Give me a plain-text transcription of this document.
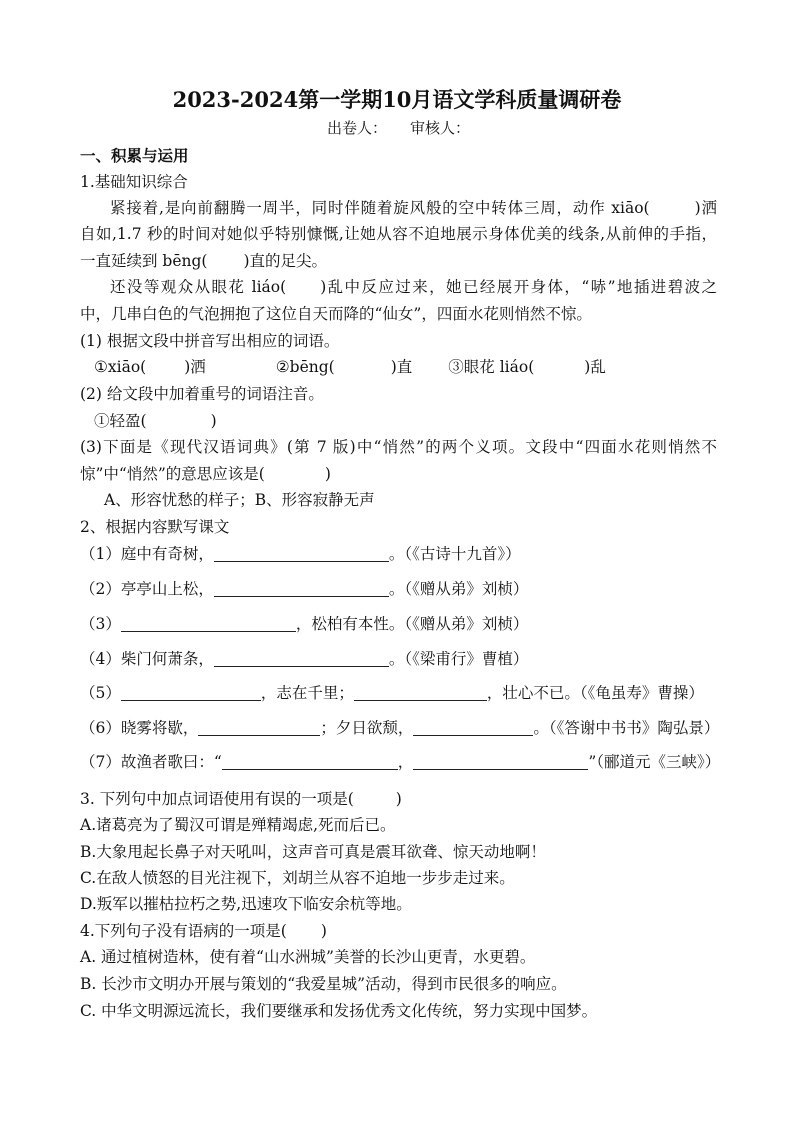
2023-2024第一学期10月语文学科质量调研卷
出卷人： 审核人：
一、积累与运用
1.基础知识综合
紧接着,是向前翻腾一周半，同时伴随着旋风般的空中转体三周，动作 xiāo(	)洒
自如,1.7 秒的时间对她似乎特别慷慨,让她从容不迫地展示身体优美的线条,从前伸的手指，
一直延续到 bēng( )直的足尖。
还没等观众从眼花 liáo( )乱中反应过来，她已经展开身体，“哧”地插进碧波之
中，几串白色的气泡拥抱了这位自天而降的“仙女”，四面水花则悄然不惊。
(1) 根据文段中拼音写出相应的词语。
①xiāo( )洒	②bēng(	)直 ③眼花 liáo(	)乱
(2) 给文段中加着重号的词语注音。
①轻盈(	)
(3)下面是《现代汉语词典》(第 7 版)中“悄然”的两个义项。文段中“四面水花则悄然不
惊”中“悄然”的意思应该是(	)
A、形容忧愁的样子；B、形容寂静无声
2、根据内容默写课文
（1）庭中有奇树，	。（《古诗十九首》）
（2）亭亭山上松，	。（《赠从弟》刘桢）
（3）	，松柏有本性。（《赠从弟》刘桢）
（4）柴门何萧条，	。（《梁甫行》曹植）
（5）	，志在千里；	，壮心不已。（《龟虽寿》曹操）
（6）晓雾将歇，	；夕日欲颓，	。（《答谢中书书》陶弘景）
（7）故渔者歌曰：“	，	”（郦道元《三峡》）
3. 下列句中加点词语使用有误的一项是(	)
A.诸葛亮为了蜀汉可谓是殚精竭虑,死而后已。
B.大象甩起长鼻子对天吼叫，这声音可真是震耳欲聋、惊天动地啊！
C.在敌人愤怒的目光注视下，刘胡兰从容不迫地一步步走过来。
D.叛军以摧枯拉朽之势,迅速攻下临安余杭等地。
4.下列句子没有语病的一项是( )
A. 通过植树造林，使有着“山水洲城”美誉的长沙山更青，水更碧。
B. 长沙市文明办开展与策划的“我爱星城”活动，得到市民很多的响应。
C. 中华文明源远流长，我们要继承和发扬优秀文化传统，努力实现中国梦。
